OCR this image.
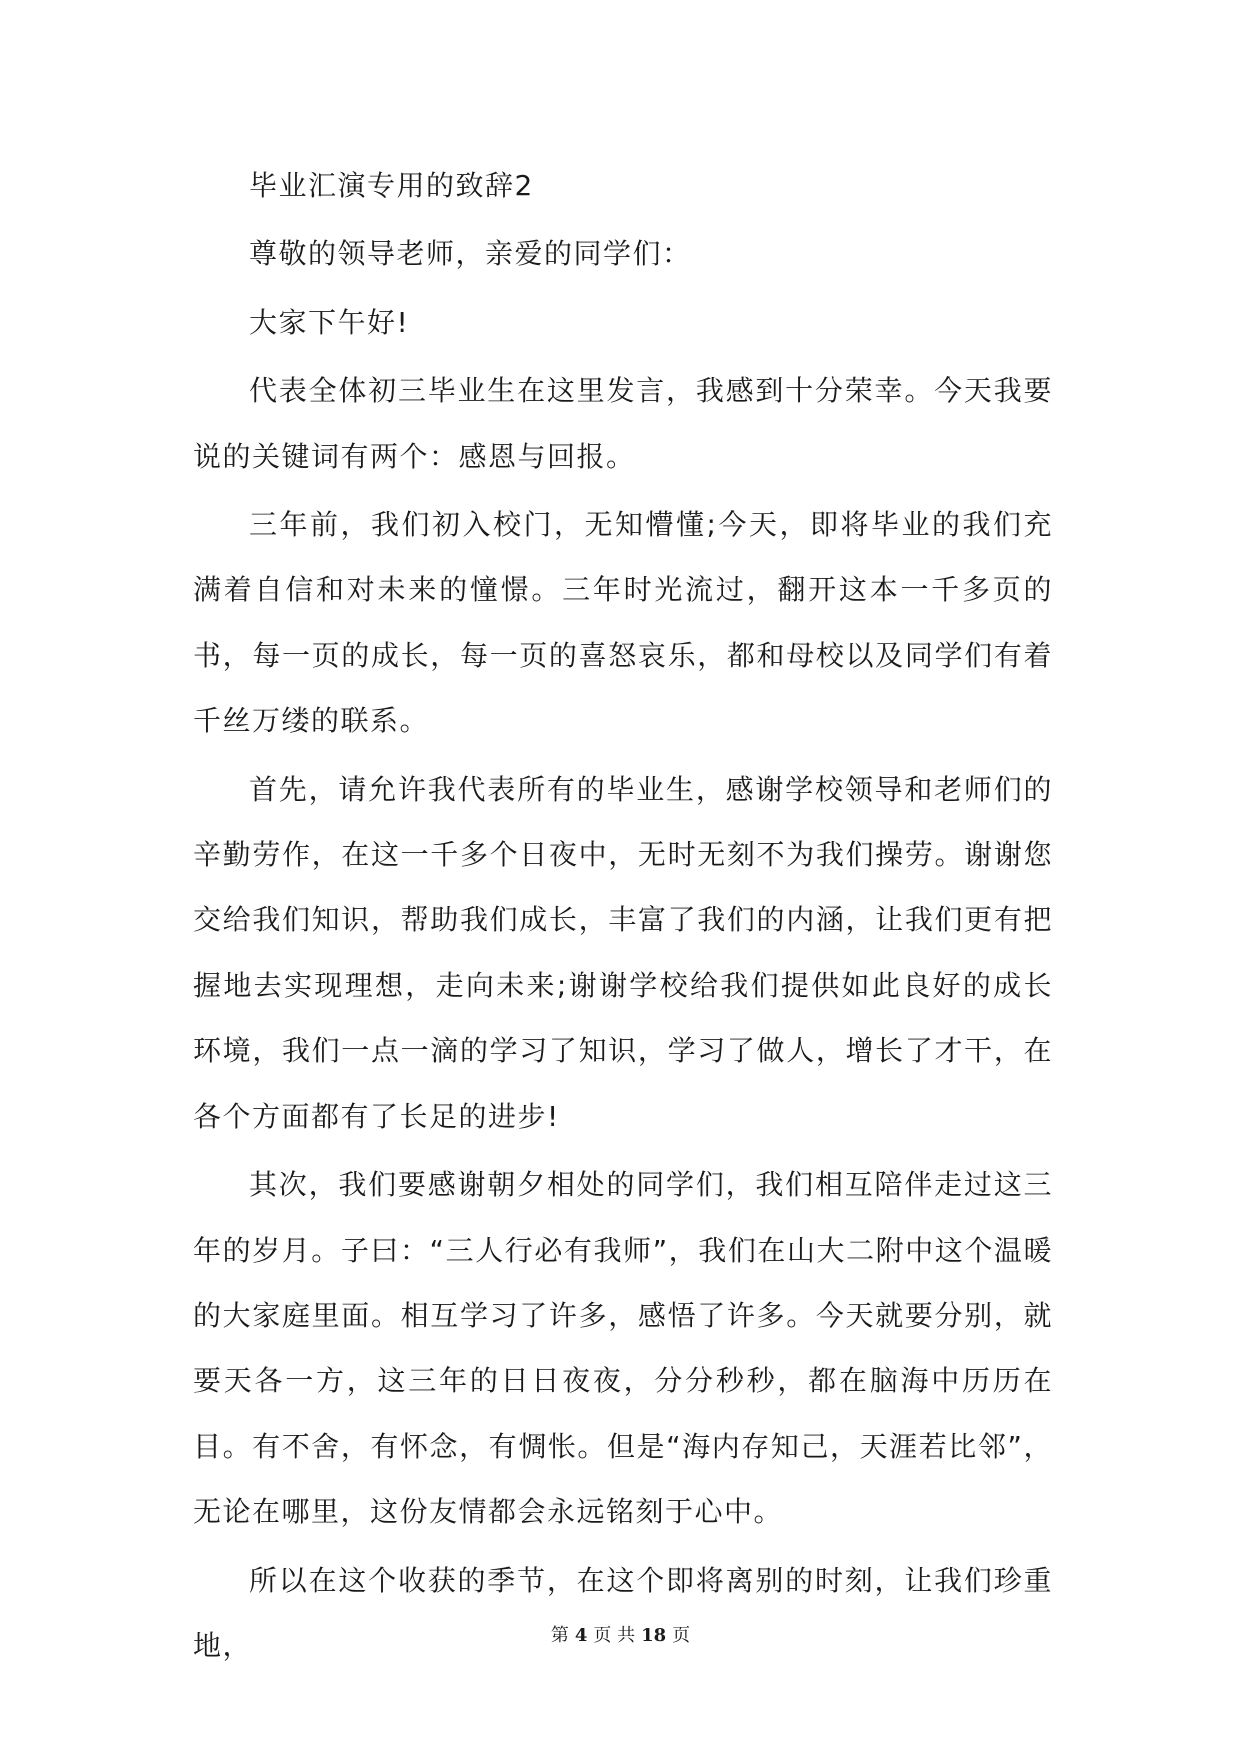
毕业汇演专用的致辞2

尊敬的领导老师，亲爱的同学们：

大家下午好!

代表全体初三毕业生在这里发言，我感到十分荣幸。今天我要说的关键词有两个：感恩与回报。

三年前，我们初入校门，无知懵懂;今天，即将毕业的我们充满着自信和对未来的憧憬。三年时光流过，翻开这本一千多页的书，每一页的成长，每一页的喜怒哀乐，都和母校以及同学们有着千丝万缕的联系。

首先，请允许我代表所有的毕业生，感谢学校领导和老师们的辛勤劳作，在这一千多个日夜中，无时无刻不为我们操劳。谢谢您交给我们知识，帮助我们成长，丰富了我们的内涵，让我们更有把握地去实现理想，走向未来;谢谢学校给我们提供如此良好的成长环境，我们一点一滴的学习了知识，学习了做人，增长了才干，在各个方面都有了长足的进步!

其次，我们要感谢朝夕相处的同学们，我们相互陪伴走过这三年的岁月。子曰：“三人行必有我师”，我们在山大二附中这个温暖的大家庭里面。相互学习了许多，感悟了许多。今天就要分别，就要天各一方，这三年的日日夜夜，分分秒秒，都在脑海中历历在目。有不舍，有怀念，有惆怅。但是“海内存知己，天涯若比邻”，无论在哪里，这份友情都会永远铭刻于心中。

所以在这个收获的季节，在这个即将离别的时刻，让我们珍重地，	第 4 页 共 18 页
